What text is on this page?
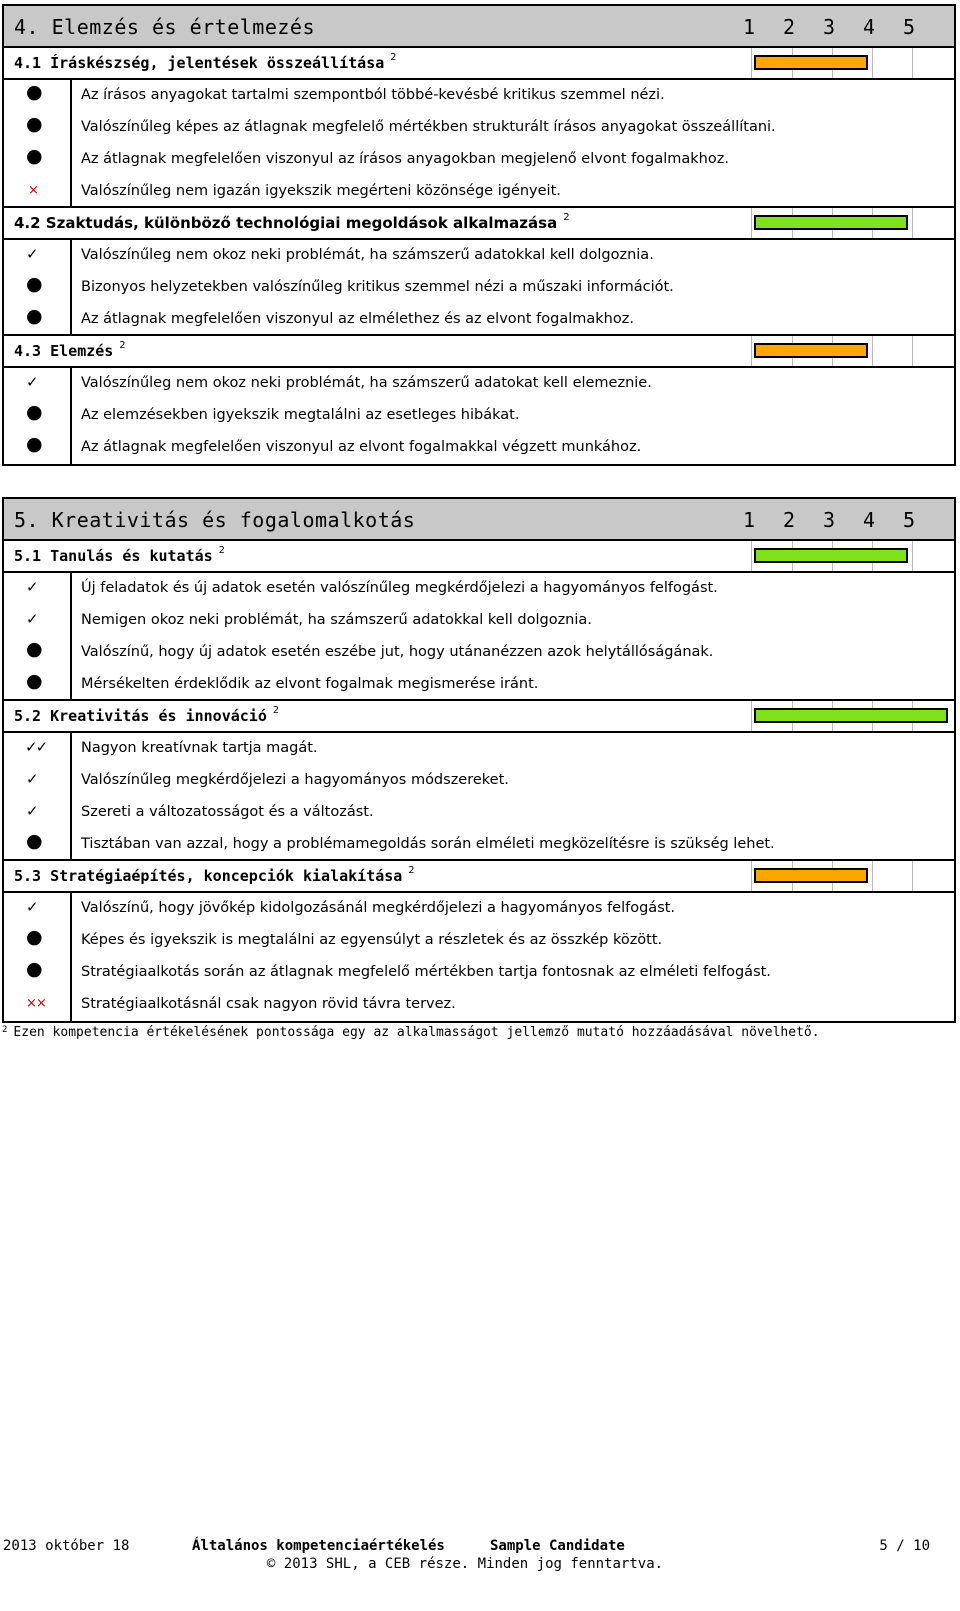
4. Elemzés és értelmezés	1	2	3	4	5
4.1 Íráskészség, jelentések összeállítása $^2$
●	Az írásos anyagokat tartalmi szempontból többé-kevésbé kritikus szemmel nézi.
●	Valószínűleg képes az átlagnak megfelelő mértékben strukturált írásos anyagokat összeállítani.
●	Az átlagnak megfelelően viszonyul az írásos anyagokban megjelenő elvont fogalmakhoz.
×	Valószínűleg nem igazán igyekszik megérteni közönsége igényeit.
4.2 Szaktudás, különböző technológiai megoldások alkalmazása $^2$
✓	Valószínűleg nem okoz neki problémát, ha számszerű adatokkal kell dolgoznia.
●	Bizonyos helyzetekben valószínűleg kritikus szemmel nézi a műszaki információt.
●	Az átlagnak megfelelően viszonyul az elmélethez és az elvont fogalmakhoz.
4.3 Elemzés $^2$
✓	Valószínűleg nem okoz neki problémát, ha számszerű adatokat kell elemeznie.
●	Az elemzésekben igyekszik megtalálni az esetleges hibákat.
●	Az átlagnak megfelelően viszonyul az elvont fogalmakkal végzett munkához.
5. Kreativitás és fogalomalkotás	1	2	3	4	5
5.1 Tanulás és kutatás $^2$
✓	Új feladatok és új adatok esetén valószínűleg megkérdőjelezi a hagyományos felfogást.
✓	Nemigen okoz neki problémát, ha számszerű adatokkal kell dolgoznia.
●	Valószínű, hogy új adatok esetén eszébe jut, hogy utánanézzen azok helytállóságának.
●	Mérsékelten érdeklődik az elvont fogalmak megismerése iránt.
5.2 Kreativitás és innováció $^2$
✓✓ Nagyon kreatívnak tartja magát.
✓	Valószínűleg megkérdőjelezi a hagyományos módszereket.
✓	Szereti a változatosságot és a változást.
●	Tisztában van azzal, hogy a problémamegoldás során elméleti megközelítésre is szükség lehet.
5.3 Stratégiaépítés, koncepciók kialakítása $^2$
✓	Valószínű, hogy jövőkép kidolgozásánál megkérdőjelezi a hagyományos felfogást.
●	Képes és igyekszik is megtalálni az egyensúlyt a részletek és az összkép között.
●	Stratégiaalkotás során az átlagnak megfelelő mértékben tartja fontosnak az elméleti felfogást.
×× Stratégiaalkotásnál csak nagyon rövid távra tervez.
$^2$ Ezen kompetencia értékelésének pontossága egy az alkalmasságot jellemző mutató hozzáadásával növelhető.
2013 október 18	Általános kompetenciaértékelés	Sample Candidate	5 / 10
© 2013 SHL, a CEB része. Minden jog fenntartva.
